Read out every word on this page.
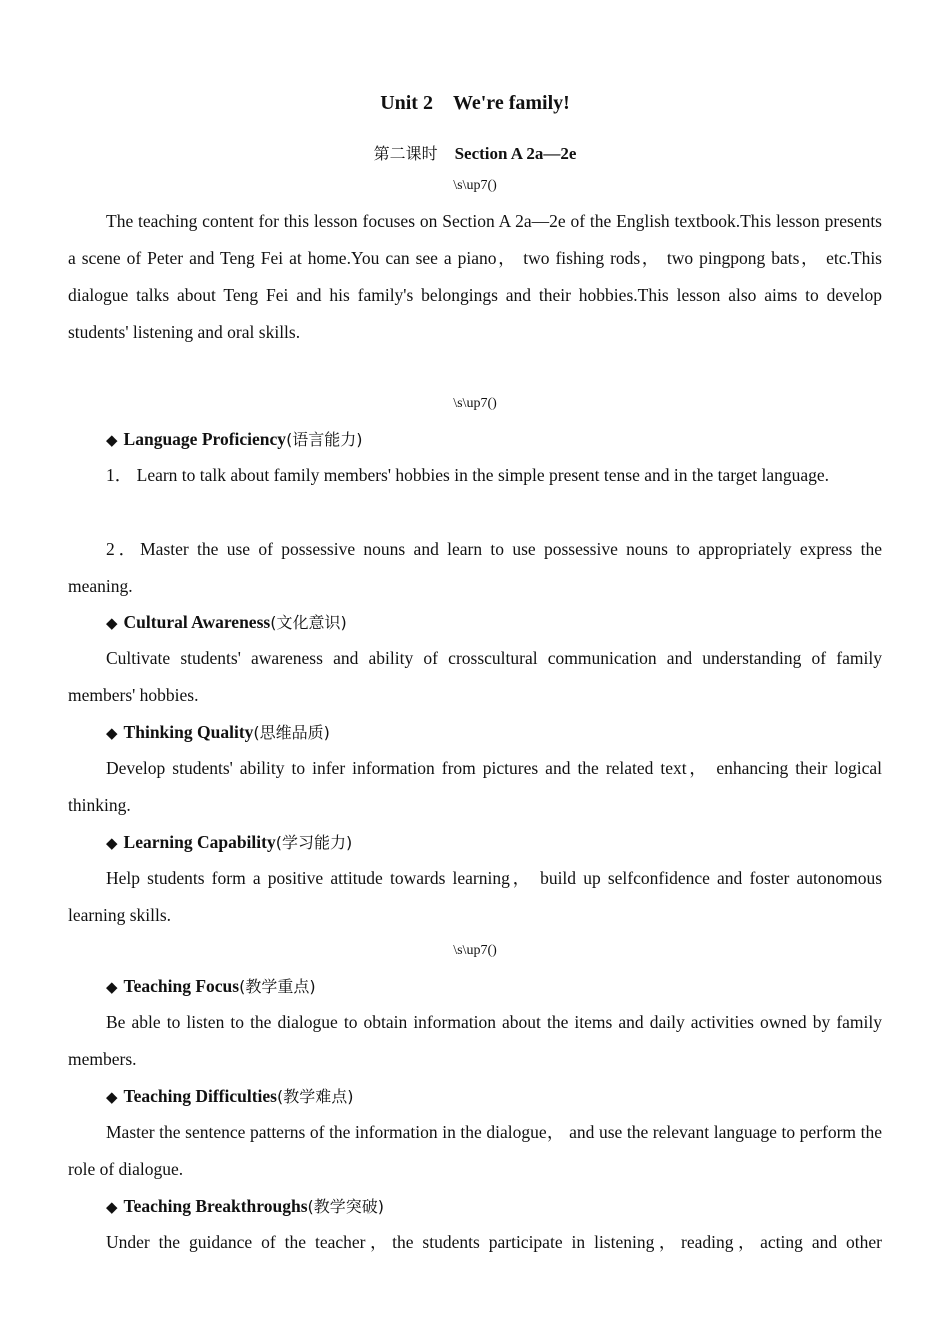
Unit 2　We're family!
第二课时　 Section A 2a—2e
\s\up7()

The teaching content for this lesson focuses on Section A 2a—2e of the English textbook.This lesson presents a scene of Peter and Teng Fei at home.You can see a piano， two fishing rods， two pingpong bats， etc.This dialogue talks about Teng Fei and his family's belongings and their hobbies.This lesson also aims to develop students' listening and oral skills.

\s\up7()
◆ Language Proficiency(语言能力)

1． Learn to talk about family members' hobbies in the simple present tense and in the target language.

2．Master the use of possessive nouns and learn to use possessive nouns to appropriately express the meaning.

◆ Cultural Awareness(文化意识)

Cultivate students' awareness and ability of crosscultural communication and understanding of family members' hobbies.

◆ Thinking Quality(思维品质)

Develop students' ability to infer information from pictures and the related text， enhancing their logical thinking.

◆ Learning Capability(学习能力)

Help students form a positive attitude towards learning， build up selfconfidence and foster autonomous learning skills.

\s\up7()
◆ Teaching Focus(教学重点)

Be able to listen to the dialogue to obtain information about the items and daily activities owned by family members.

◆ Teaching Difficulties(教学难点)

Master the sentence patterns of the information in the dialogue， and use the relevant language to perform the role of dialogue.

◆ Teaching Breakthroughs(教学突破)

Under the guidance of the teacher，the students participate in listening，reading，acting and other
